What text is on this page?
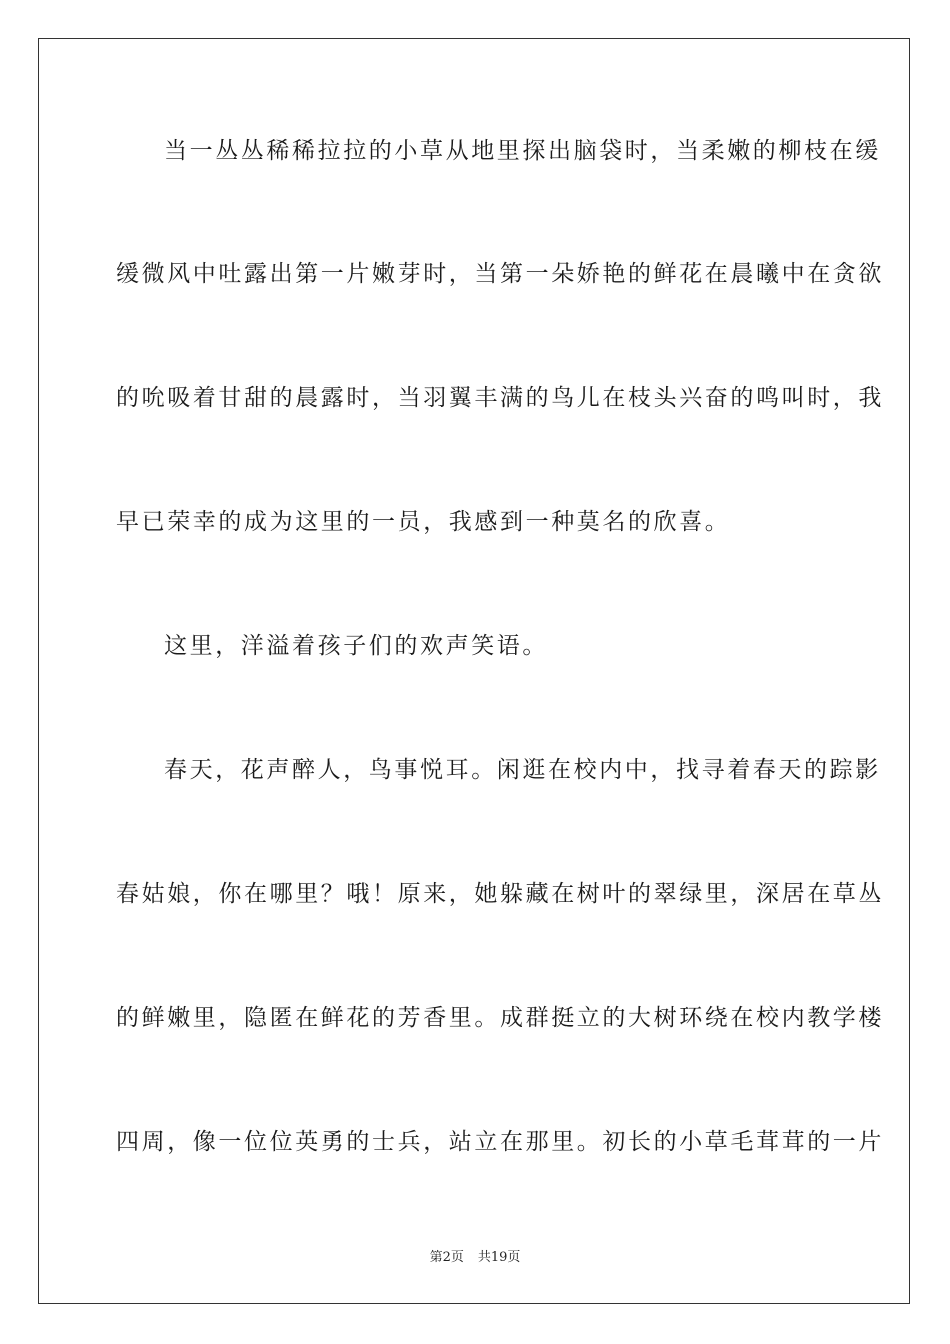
当一丛丛稀稀拉拉的小草从地里探出脑袋时，当柔嫩的柳枝在缓
缓微风中吐露出第一片嫩芽时，当第一朵娇艳的鲜花在晨曦中在贪欲
的吮吸着甘甜的晨露时，当羽翼丰满的鸟儿在枝头兴奋的鸣叫时，我
早已荣幸的成为这里的一员，我感到一种莫名的欣喜。
这里，洋溢着孩子们的欢声笑语。
春天，花声醉人，鸟事悦耳。闲逛在校内中，找寻着春天的踪影
春姑娘，你在哪里？哦！原来，她躲藏在树叶的翠绿里，深居在草丛
的鲜嫩里，隐匿在鲜花的芳香里。成群挺立的大树环绕在校内教学楼
四周，像一位位英勇的士兵，站立在那里。初长的小草毛茸茸的一片
第2页 共19页
